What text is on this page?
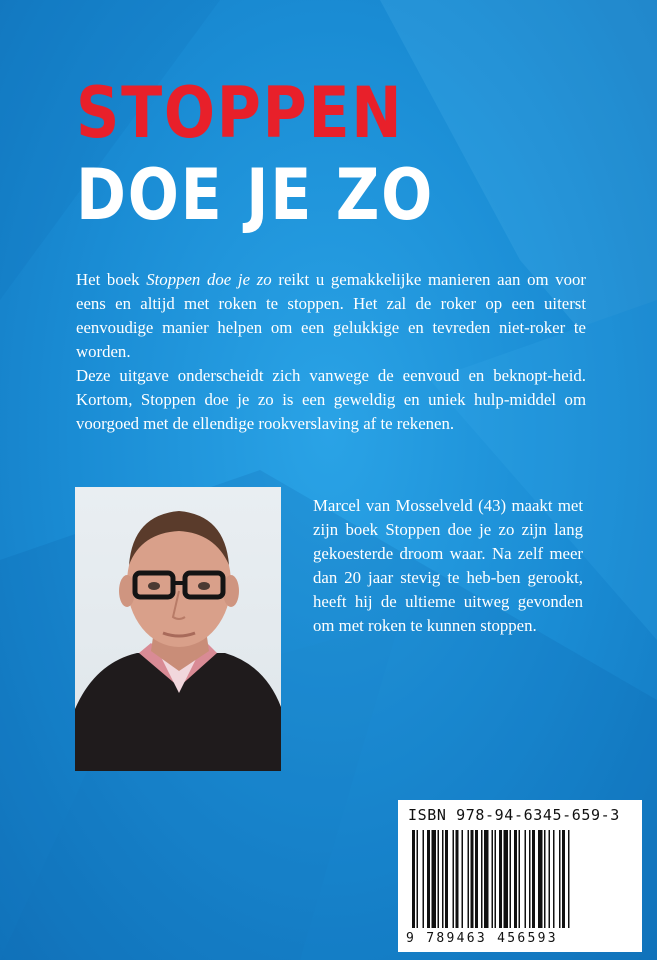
STOPPEN
DOE JE ZO

Het boek Stoppen doe je zo reikt u gemakkelijke manieren aan om voor eens en altijd met roken te stoppen. Het zal de roker op een uiterst eenvoudige manier helpen om een gelukkige en tevreden niet-roker te worden.

Deze uitgave onderscheidt zich vanwege de eenvoud en beknopt-heid. Kortom, Stoppen doe je zo is een geweldig en uniek hulp-middel om voorgoed met de ellendige rookverslaving af te rekenen.

Marcel van Mosselveld (43) maakt met zijn boek Stoppen doe je zo zijn lang gekoesterde droom waar. Na zelf meer dan 20 jaar stevig te heb-ben gerookt, heeft hij de ultieme uitweg gevonden om met roken te kunnen stoppen.
ISBN 978-94-6345-659-3
9 789463 456593
